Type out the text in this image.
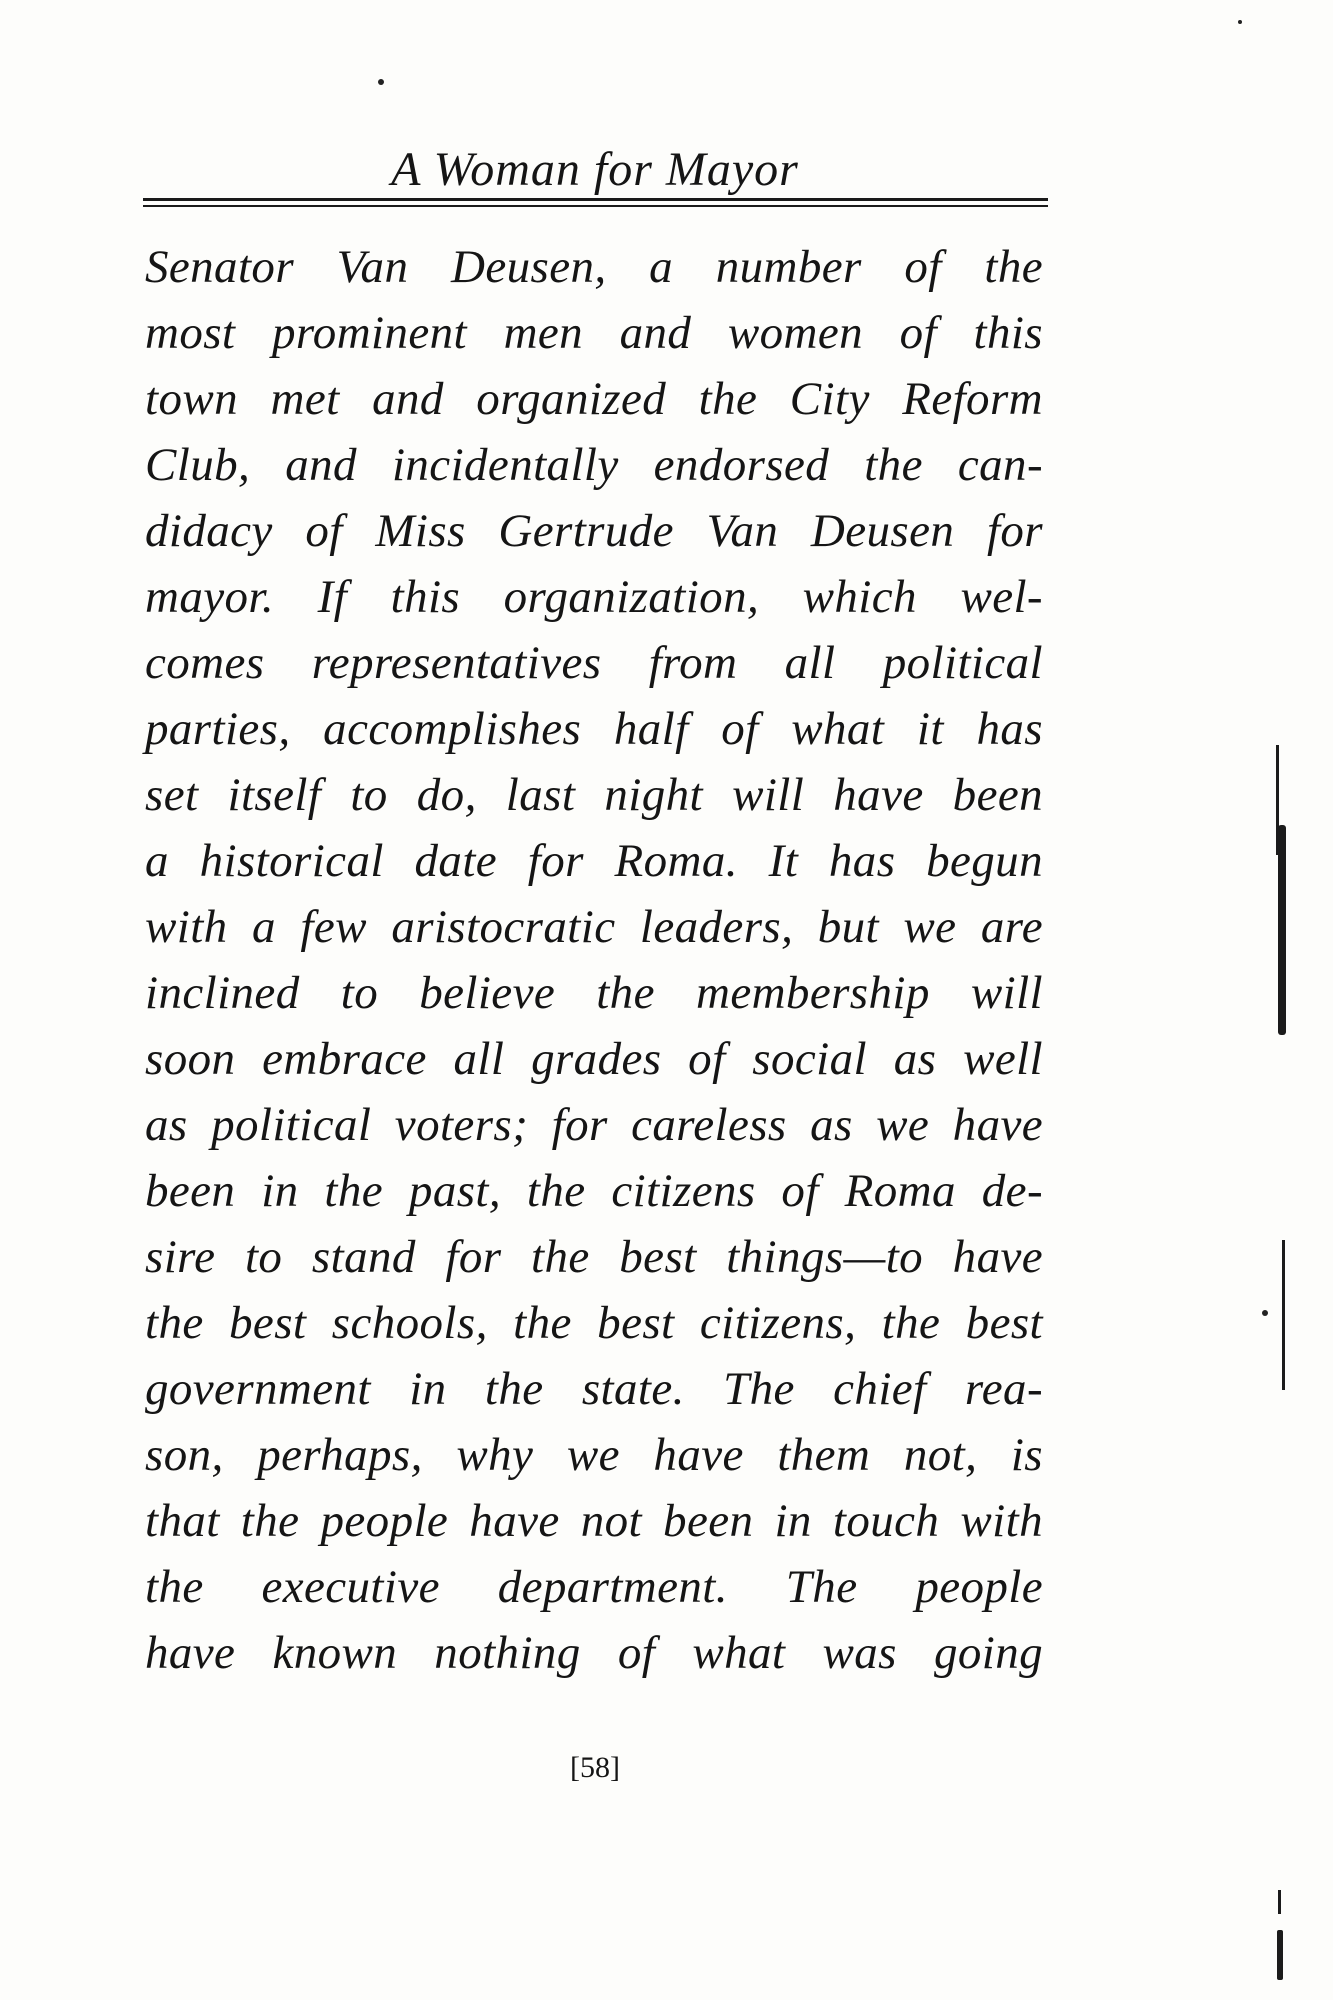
A Woman for Mayor
Senator Van Deusen, a number of the
most prominent men and women of this
town met and organized the City Reform
Club, and incidentally endorsed the can-
didacy of Miss Gertrude Van Deusen for
mayor. If this organization, which wel-
comes representatives from all political
parties, accomplishes half of what it has
set itself to do, last night will have been
a historical date for Roma. It has begun
with a few aristocratic leaders, but we are
inclined to believe the membership will
soon embrace all grades of social as well
as political voters; for careless as we have
been in the past, the citizens of Roma de-
sire to stand for the best things—to have
the best schools, the best citizens, the best
government in the state. The chief rea-
son, perhaps, why we have them not, is
that the people have not been in touch with
the executive department. The people
have known nothing of what was going
[58]
